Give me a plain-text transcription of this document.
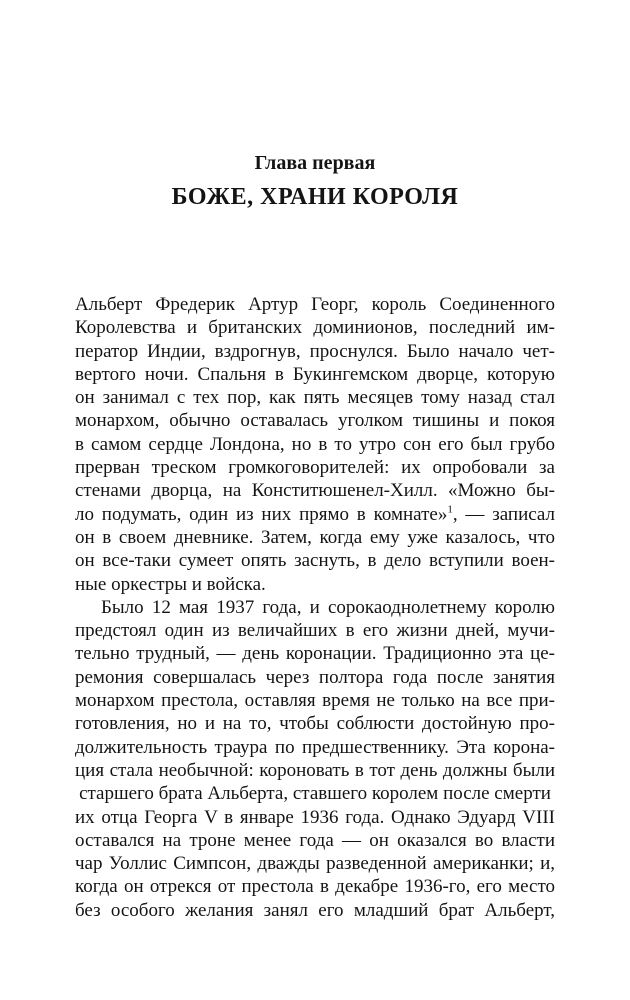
Глава первая
БОЖЕ, ХРАНИ КОРОЛЯ
Альберт Фредерик Артур Георг, король Соединенного
Королевства и британских доминионов, последний им-
ператор Индии, вздрогнув, проснулся. Было начало чет-
вертого ночи. Спальня в Букингемском дворце, которую
он занимал с тех пор, как пять месяцев тому назад стал
монархом, обычно оставалась уголком тишины и покоя
в самом сердце Лондона, но в то утро сон его был грубо
прерван треском громкоговорителей: их опробовали за
стенами дворца, на Конститюшенел-Хилл. «Можно бы-
ло подумать, один из них прямо в комнате»$^1$, — записал
он в своем дневнике. Затем, когда ему уже казалось, что
он все-таки сумеет опять заснуть, в дело вступили воен-
ные оркестры и войска.
Было 12 мая 1937 года, и сорокаоднолетнему королю
предстоял один из величайших в его жизни дней, мучи-
тельно трудный, — день коронации. Традиционно эта це-
ремония совершалась через полтора года после занятия
монархом престола, оставляя время не только на все при-
готовления, но и на то, чтобы соблюсти достойную про-
должительность траура по предшественнику. Эта корона-
ция стала необычной: короновать в тот день должны были
старшего брата Альберта, ставшего королем после смерти
их отца Георга V в январе 1936 года. Однако Эдуард VIII
оставался на троне менее года — он оказался во власти
чар Уоллис Симпсон, дважды разведенной американки; и,
когда он отрекся от престола в декабре 1936-го, его место
без особого желания занял его младший брат Альберт,
